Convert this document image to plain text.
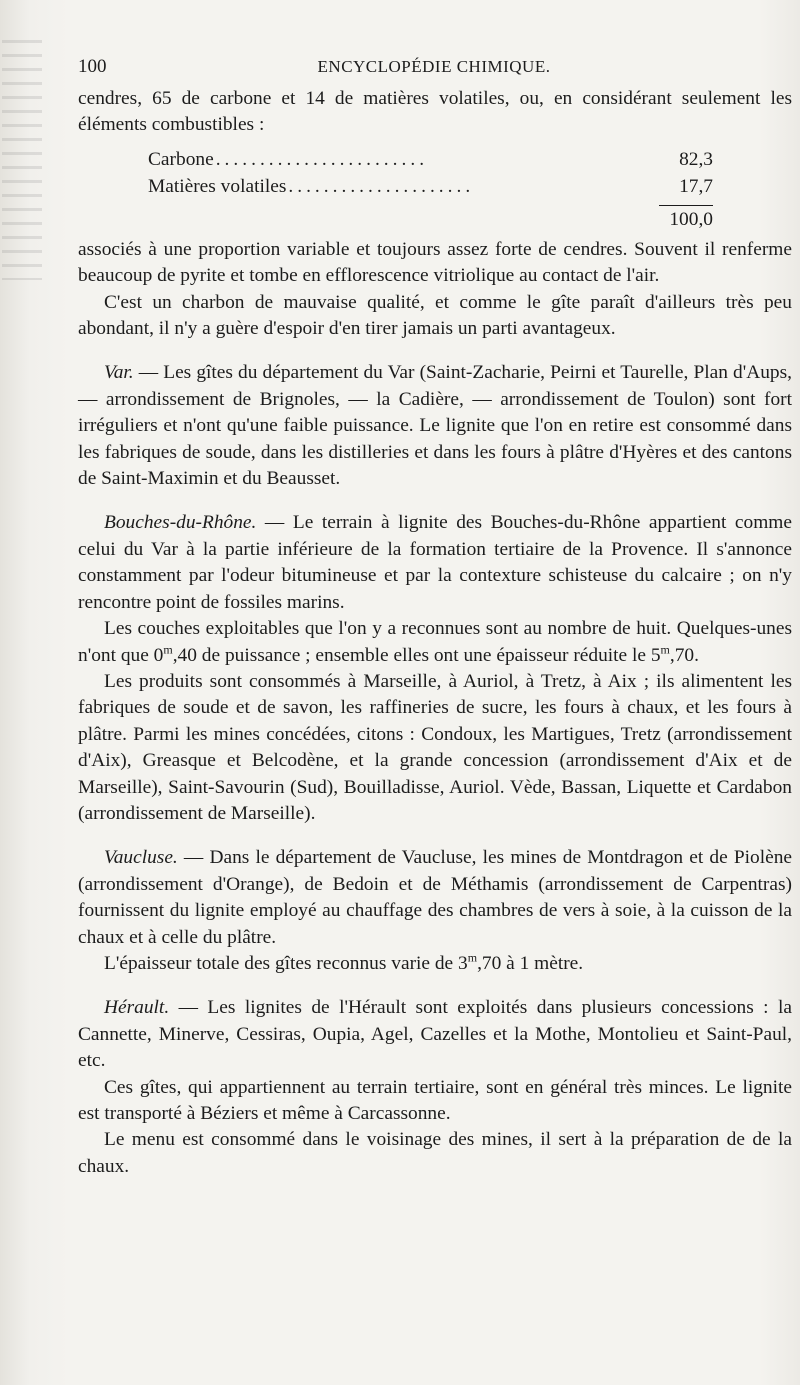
100	ENCYCLOPÉDIE CHIMIQUE.

cendres, 65 de carbone et 14 de matières volatiles, ou, en considérant seulement les éléments combustibles :

Carbone ........................	82,3
Matières volatiles .....................	17,7
100,0

associés à une proportion variable et toujours assez forte de cendres. Souvent il renferme beaucoup de pyrite et tombe en efflorescence vitriolique au contact de l'air.

C'est un charbon de mauvaise qualité, et comme le gîte paraît d'ailleurs très peu abondant, il n'y a guère d'espoir d'en tirer jamais un parti avantageux.

Var. — Les gîtes du département du Var (Saint-Zacharie, Peirni et Taurelle, Plan d'Aups, — arrondissement de Brignoles, — la Cadière, — arrondissement de Toulon) sont fort irréguliers et n'ont qu'une faible puissance. Le lignite que l'on en retire est consommé dans les fabriques de soude, dans les distilleries et dans les fours à plâtre d'Hyères et des cantons de Saint-Maximin et du Beausset.

Bouches-du-Rhône. — Le terrain à lignite des Bouches-du-Rhône appartient comme celui du Var à la partie inférieure de la formation tertiaire de la Provence. Il s'annonce constamment par l'odeur bitumineuse et par la contexture schisteuse du calcaire ; on n'y rencontre point de fossiles marins.

Les couches exploitables que l'on y a reconnues sont au nombre de huit. Quelques-unes n'ont que 0$^m$,40 de puissance ; ensemble elles ont une épaisseur réduite le 5$^m$,70.

Les produits sont consommés à Marseille, à Auriol, à Tretz, à Aix ; ils alimentent les fabriques de soude et de savon, les raffineries de sucre, les fours à chaux, et les fours à plâtre. Parmi les mines concédées, citons : Condoux, les Martigues, Tretz (arrondissement d'Aix), Greasque et Belcodène, et la grande concession (arrondissement d'Aix et de Marseille), Saint-Savourin (Sud), Bouilladisse, Auriol. Vède, Bassan, Liquette et Cardabon (arrondissement de Marseille).

Vaucluse. — Dans le département de Vaucluse, les mines de Montdragon et de Piolène (arrondissement d'Orange), de Bedoin et de Méthamis (arrondissement de Carpentras) fournissent du lignite employé au chauffage des chambres de vers à soie, à la cuisson de la chaux et à celle du plâtre.

L'épaisseur totale des gîtes reconnus varie de 3$^m$,70 à 1 mètre.

Hérault. — Les lignites de l'Hérault sont exploités dans plusieurs concessions : la Cannette, Minerve, Cessiras, Oupia, Agel, Cazelles et la Mothe, Montolieu et Saint-Paul, etc.

Ces gîtes, qui appartiennent au terrain tertiaire, sont en général très minces. Le lignite est transporté à Béziers et même à Carcassonne.

Le menu est consommé dans le voisinage des mines, il sert à la préparation de de la chaux.
